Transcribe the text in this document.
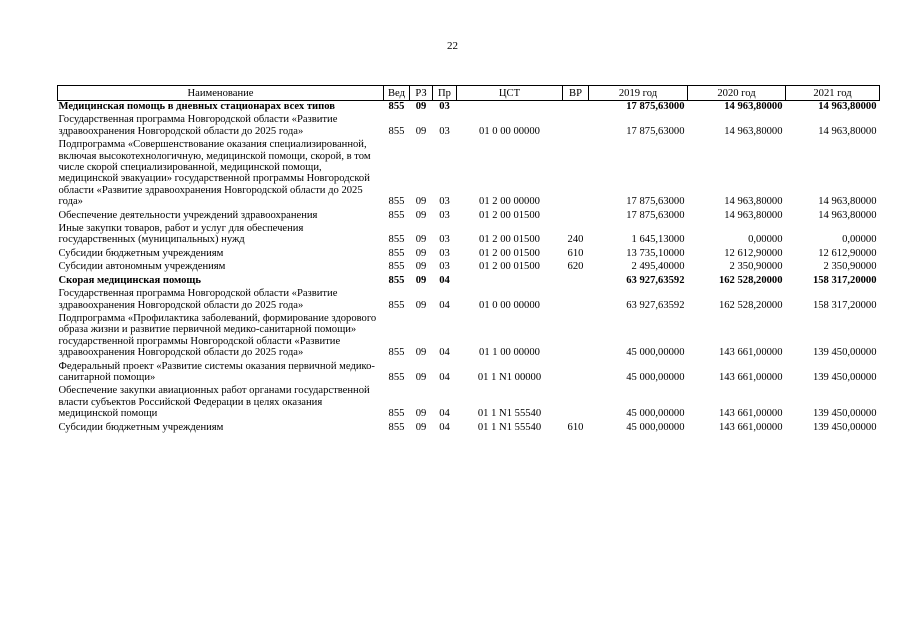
22
Наименование	Вед	РЗ	Пр	ЦСТ	ВР	2019 год	2020 год	2021 год
Медицинская помощь в дневных стационарах всех типов	855	09	03			17 875,63000	14 963,80000	14 963,80000
Государственная программа Новгородской области «Развитие здравоохранения Новгородской области до 2025 года»	855	09	03	01 0 00 00000		17 875,63000	14 963,80000	14 963,80000
Подпрограмма «Совершенствование оказания специализированной, включая высокотехнологичную, медицинской помощи, скорой, в том числе скорой специализированной, медицинской помощи, медицинской эвакуации» государственной программы Новгородской области «Развитие здравоохранения Новгородской области до 2025 года»	855	09	03	01 2 00 00000		17 875,63000	14 963,80000	14 963,80000
Обеспечение деятельности учреждений здравоохранения	855	09	03	01 2 00 01500		17 875,63000	14 963,80000	14 963,80000
Иные закупки товаров, работ и услуг для обеспечения государственных (муниципальных) нужд	855	09	03	01 2 00 01500	240	1 645,13000	0,00000	0,00000
Субсидии бюджетным учреждениям	855	09	03	01 2 00 01500	610	13 735,10000	12 612,90000	12 612,90000
Субсидии автономным учреждениям	855	09	03	01 2 00 01500	620	2 495,40000	2 350,90000	2 350,90000
Скорая медицинская помощь	855	09	04			63 927,63592	162 528,20000	158 317,20000
Государственная программа Новгородской области «Развитие здравоохранения Новгородской области до 2025 года»	855	09	04	01 0 00 00000		63 927,63592	162 528,20000	158 317,20000
Подпрограмма «Профилактика заболеваний, формирование здорового образа жизни и развитие первичной медико-санитарной помощи» государственной программы Новгородской области «Развитие здравоохранения Новгородской области до 2025 года»	855	09	04	01 1 00 00000		45 000,00000	143 661,00000	139 450,00000
Федеральный проект «Развитие системы оказания первичной медико-санитарной помощи»	855	09	04	01 1 N1 00000		45 000,00000	143 661,00000	139 450,00000
Обеспечение закупки авиационных работ органами государственной власти субъектов Российской Федерации в целях оказания медицинской помощи	855	09	04	01 1 N1 55540		45 000,00000	143 661,00000	139 450,00000
Субсидии бюджетным учреждениям	855	09	04	01 1 N1 55540	610	45 000,00000	143 661,00000	139 450,00000
